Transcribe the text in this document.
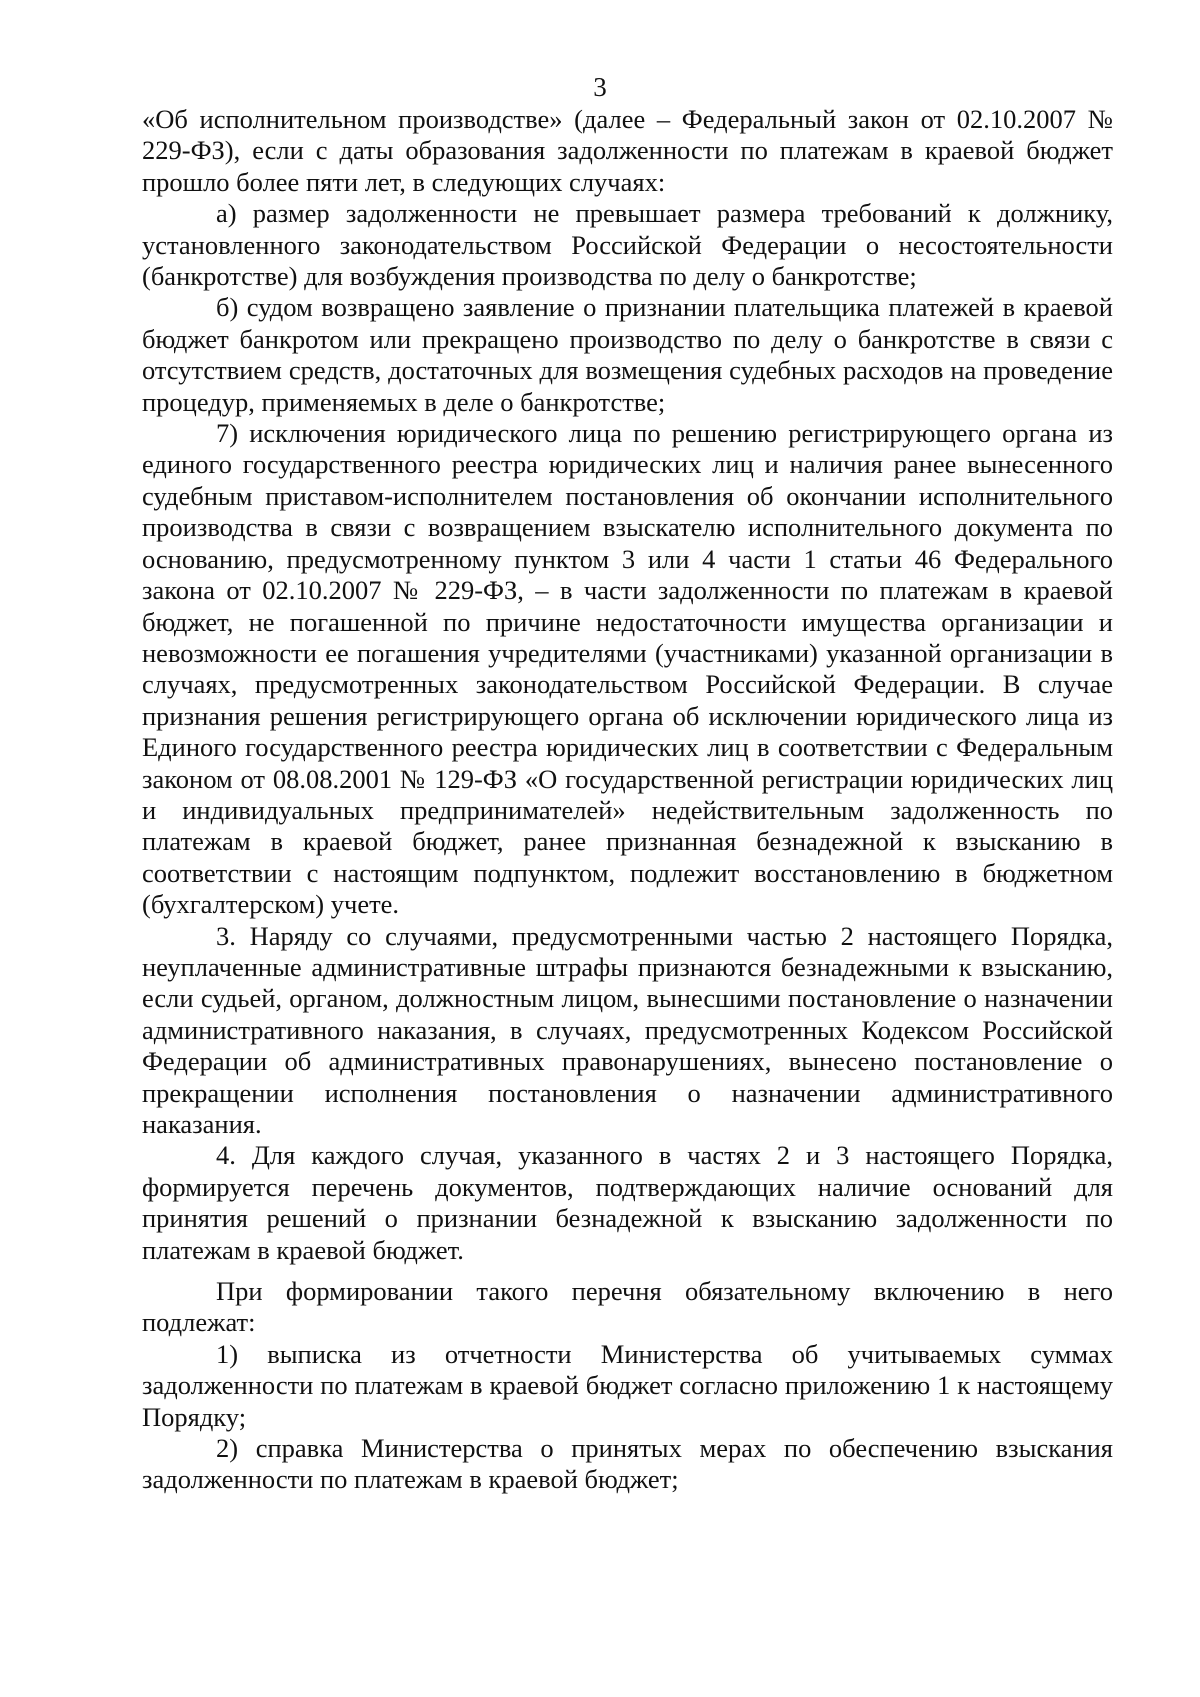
3

«Об исполнительном производстве» (далее – Федеральный закон от 02.10.2007 № 229-ФЗ), если с даты образования задолженности по платежам в краевой бюджет прошло более пяти лет, в следующих случаях:

а) размер задолженности не превышает размера требований к должнику, установленного законодательством Российской Федерации о несостоятельности (банкротстве) для возбуждения производства по делу о банкротстве;

б) судом возвращено заявление о признании плательщика платежей в краевой бюджет банкротом или прекращено производство по делу о банкротстве в связи с отсутствием средств, достаточных для возмещения судебных расходов на проведение процедур, применяемых в деле о банкротстве;

7) исключения юридического лица по решению регистрирующего органа из единого государственного реестра юридических лиц и наличия ранее вынесенного судебным приставом-исполнителем постановления об окончании исполнительного производства в связи с возвращением взыскателю исполнительного документа по основанию, предусмотренному пунктом 3 или 4 части 1 статьи 46 Федерального закона от 02.10.2007 № 229-ФЗ, – в части задолженности по платежам в краевой бюджет, не погашенной по причине недостаточности имущества организации и невозможности ее погашения учредителями (участниками) указанной организации в случаях, предусмотренных законодательством Российской Федерации. В случае признания решения регистрирующего органа об исключении юридического лица из Единого государственного реестра юридических лиц в соответствии с Федеральным законом от 08.08.2001 № 129-ФЗ «О государственной регистрации юридических лиц и индивидуальных предпринимателей» недействительным задолженность по платежам в краевой бюджет, ранее признанная безнадежной к взысканию в соответствии с настоящим подпунктом, подлежит восстановлению в бюджетном (бухгалтерском) учете.

3. Наряду со случаями, предусмотренными частью 2 настоящего Порядка, неуплаченные административные штрафы признаются безнадежными к взысканию, если судьей, органом, должностным лицом, вынесшими постановление о назначении административного наказания, в случаях, предусмотренных Кодексом Российской Федерации об административных правонарушениях, вынесено постановление о прекращении исполнения постановления о назначении административного наказания.

4. Для каждого случая, указанного в частях 2 и 3 настоящего Порядка, формируется перечень документов, подтверждающих наличие оснований для принятия решений о признании безнадежной к взысканию задолженности по платежам в краевой бюджет.

При формировании такого перечня обязательному включению в него подлежат:

1) выписка из отчетности Министерства об учитываемых суммах задолженности по платежам в краевой бюджет согласно приложению 1 к настоящему Порядку;

2) справка Министерства о принятых мерах по обеспечению взыскания задолженности по платежам в краевой бюджет;
